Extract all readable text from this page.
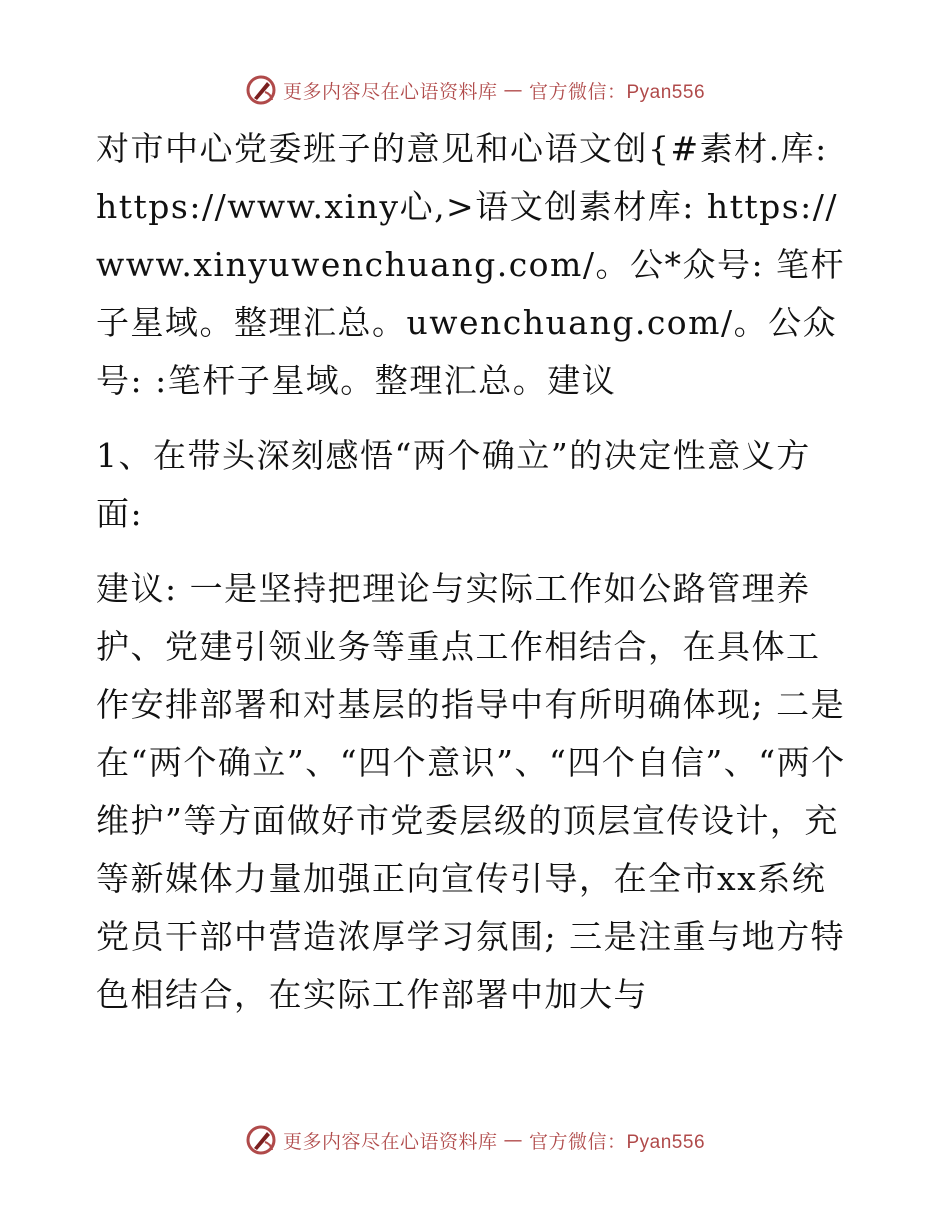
更多内容尽在心语资料库 — 官方微信：Pyan556

对市中心党委班子的意见和心语文创{#素材.库: https://www.xiny心,>语文创素材库: https://www.xinyuwenchuang.com/。公*众号: 笔杆子星域。整理汇总。uwenchuang.com/。公众号: :笔杆子星域。整理汇总。建议

1、在带头深刻感悟“两个确立”的决定性意义方面:

建议: 一是坚持把理论与实际工作如公路管理养护、党建引领业务等重点工作相结合，在具体工作安排部署和对基层的指导中有所明确体现; 二是在“两个确立”、“四个意识”、“四个自信”、“两个维护”等方面做好市党委层级的顶层宣传设计，充等新媒体力量加强正向宣传引导，在全市xx系统党员干部中营造浓厚学习氛围; 三是注重与地方特色相结合，在实际工作部署中加大与

更多内容尽在心语资料库 — 官方微信：Pyan556
